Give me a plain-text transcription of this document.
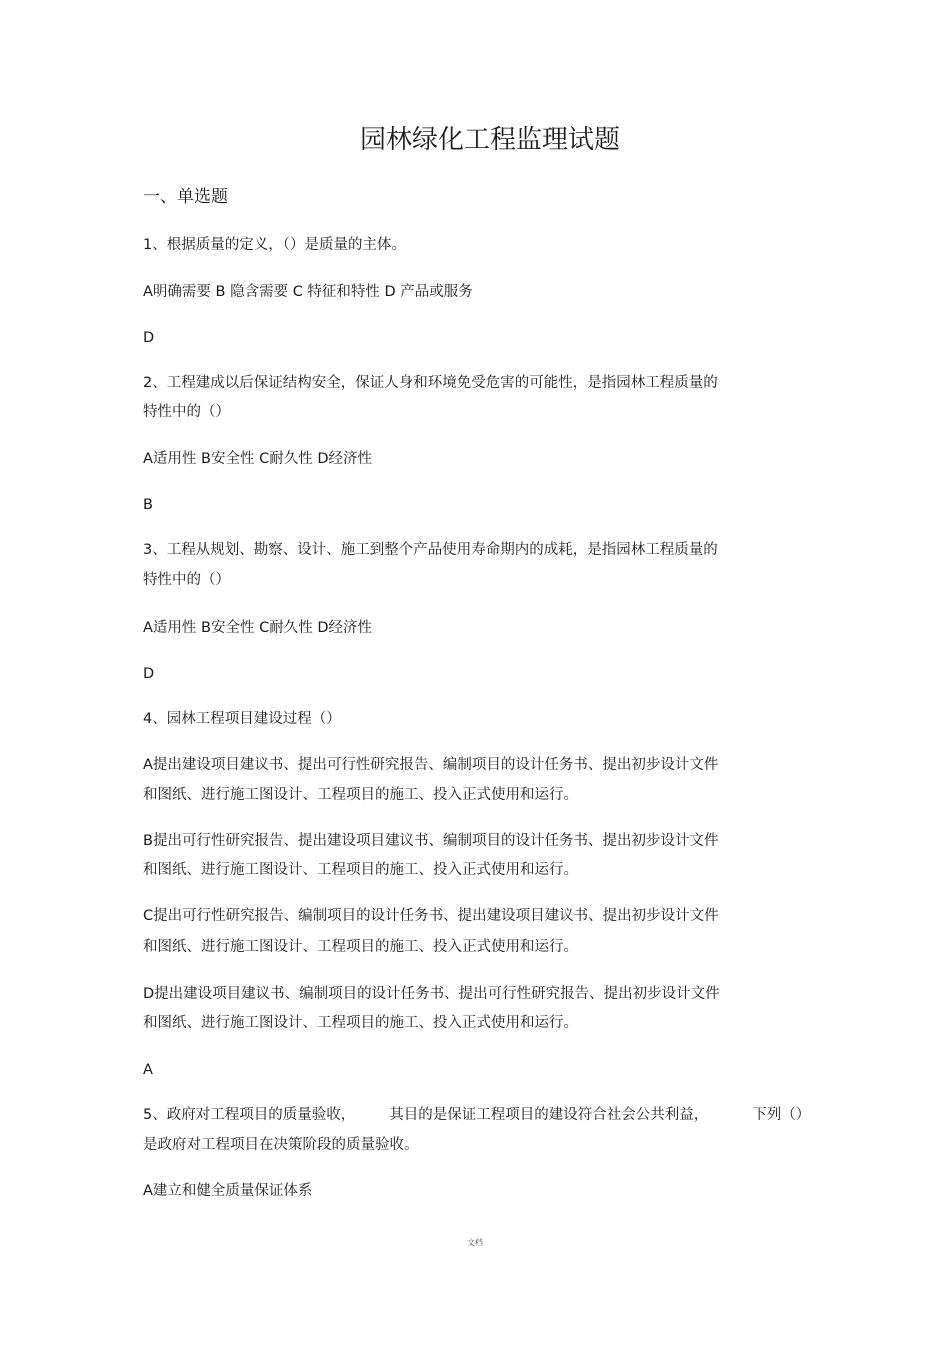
园林绿化工程监理试题

一、单选题

1、根据质量的定义，（）是质量的主体。

A明确需要 B 隐含需要 C 特征和特性 D 产品或服务

D

2、工程建成以后保证结构安全，保证人身和环境免受危害的可能性，是指园林工程质量的

特性中的（）

A适用性 B安全性 C耐久性 D经济性

B

3、工程从规划、勘察、设计、施工到整个产品使用寿命期内的成耗，是指园林工程质量的

特性中的（）

A适用性 B安全性 C耐久性 D经济性

D

4、园林工程项目建设过程（）

A提出建设项目建议书、提出可行性研究报告、编制项目的设计任务书、提出初步设计文件

和图纸、进行施工图设计、工程项目的施工、投入正式使用和运行。

B提出可行性研究报告、提出建设项目建议书、编制项目的设计任务书、提出初步设计文件

和图纸、进行施工图设计、工程项目的施工、投入正式使用和运行。

C提出可行性研究报告、编制项目的设计任务书、提出建设项目建议书、提出初步设计文件

和图纸、进行施工图设计、工程项目的施工、投入正式使用和运行。

D提出建设项目建议书、编制项目的设计任务书、提出可行性研究报告、提出初步设计文件

和图纸、进行施工图设计、工程项目的施工、投入正式使用和运行。

A

5、政府对工程项目的质量验收， 其目的是保证工程项目的建设符合社会公共利益，	下列（）

是政府对工程项目在决策阶段的质量验收。

A建立和健全质量保证体系

文档
